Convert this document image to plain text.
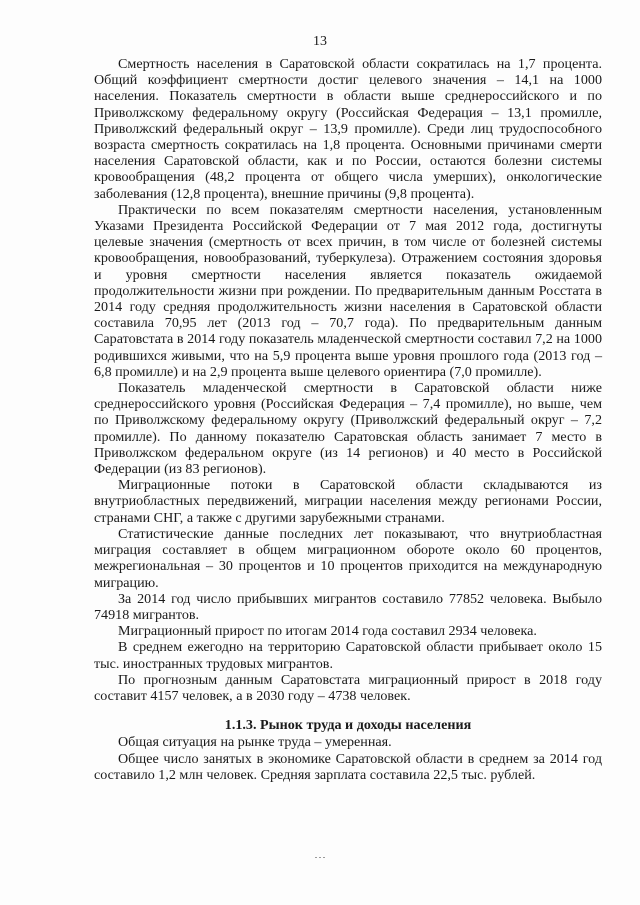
13

Смертность населения в Саратовской области сократилась на 1,7 процента. Общий коэффициент смертности достиг целевого значения – 14,1 на 1000 населения. Показатель смертности в области выше среднероссийского и по Приволжскому федеральному округу (Российская Федерация – 13,1 промилле, Приволжский федеральный округ – 13,9 промилле). Среди лиц трудоспособного возраста смертность сократилась на 1,8 процента. Основными причинами смерти населения Саратовской области, как и по России, остаются болезни системы кровообращения (48,2 процента от общего числа умерших), онкологические заболевания (12,8 процента), внешние причины (9,8 процента).

Практически по всем показателям смертности населения, установленным Указами Президента Российской Федерации от 7 мая 2012 года, достигнуты целевые значения (смертность от всех причин, в том числе от болезней системы кровообращения, новообразований, туберкулеза). Отражением состояния здоровья и уровня смертности населения является показатель ожидаемой продолжительности жизни при рождении. По предварительным данным Росстата в 2014 году средняя продолжительность жизни населения в Саратовской области составила 70,95 лет (2013 год – 70,7 года). По предварительным данным Саратовстата в 2014 году показатель младенческой смертности составил 7,2 на 1000 родившихся живыми, что на 5,9 процента выше уровня прошлого года (2013 год – 6,8 промилле) и на 2,9 процента выше целевого ориентира (7,0 промилле).

Показатель младенческой смертности в Саратовской области ниже среднероссийского уровня (Российская Федерация – 7,4 промилле), но выше, чем по Приволжскому федеральному округу (Приволжский федеральный округ – 7,2 промилле). По данному показателю Саратовская область занимает 7 место в Приволжском федеральном округе (из 14 регионов) и 40 место в Российской Федерации (из 83 регионов).

Миграционные потоки в Саратовской области складываются из внутриобластных передвижений, миграции населения между регионами России, странами СНГ, а также с другими зарубежными странами.

Статистические данные последних лет показывают, что внутриобластная миграция составляет в общем миграционном обороте около 60 процентов, межрегиональная – 30 процентов и 10 процентов приходится на международную миграцию.

За 2014 год число прибывших мигрантов составило 77852 человека. Выбыло 74918 мигрантов.

Миграционный прирост по итогам 2014 года составил 2934 человека.

В среднем ежегодно на территорию Саратовской области прибывает около 15 тыс. иностранных трудовых мигрантов.

По прогнозным данным Саратовстата миграционный прирост в 2018 году составит 4157 человек, а в 2030 году – 4738 человек.

1.1.3. Рынок труда и доходы населения

Общая ситуация на рынке труда – умеренная.

Общее число занятых в экономике Саратовской области в среднем за 2014 год составило 1,2 млн человек. Средняя зарплата составила 22,5 тыс. рублей.
